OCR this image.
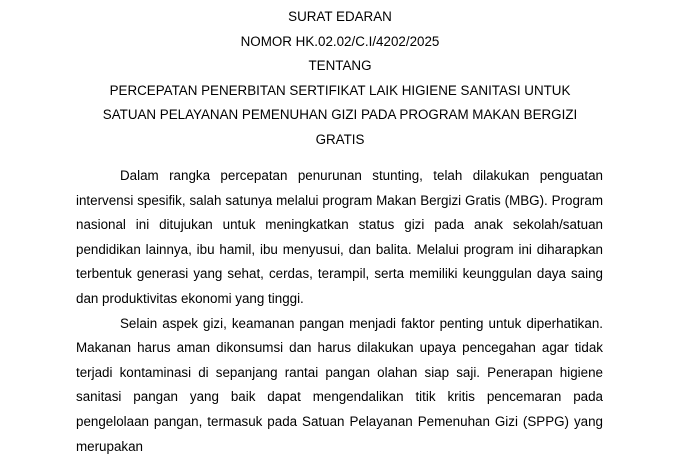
SURAT EDARAN
NOMOR HK.02.02/C.I/4202/2025
TENTANG
PERCEPATAN PENERBITAN SERTIFIKAT LAIK HIGIENE SANITASI UNTUK
SATUAN PELAYANAN PEMENUHAN GIZI PADA PROGRAM MAKAN BERGIZI
GRATIS

Dalam rangka percepatan penurunan stunting, telah dilakukan penguatan intervensi spesifik, salah satunya melalui program Makan Bergizi Gratis (MBG). Program nasional ini ditujukan untuk meningkatkan status gizi pada anak sekolah/satuan pendidikan lainnya, ibu hamil, ibu menyusui, dan balita. Melalui program ini diharapkan terbentuk generasi yang sehat, cerdas, terampil, serta memiliki keunggulan daya saing dan produktivitas ekonomi yang tinggi.

Selain aspek gizi, keamanan pangan menjadi faktor penting untuk diperhatikan. Makanan harus aman dikonsumsi dan harus dilakukan upaya pencegahan agar tidak terjadi kontaminasi di sepanjang rantai pangan olahan siap saji. Penerapan higiene sanitasi pangan yang baik dapat mengendalikan titik kritis pencemaran pada pengelolaan pangan, termasuk pada Satuan Pelayanan Pemenuhan Gizi (SPPG) yang merupakan
